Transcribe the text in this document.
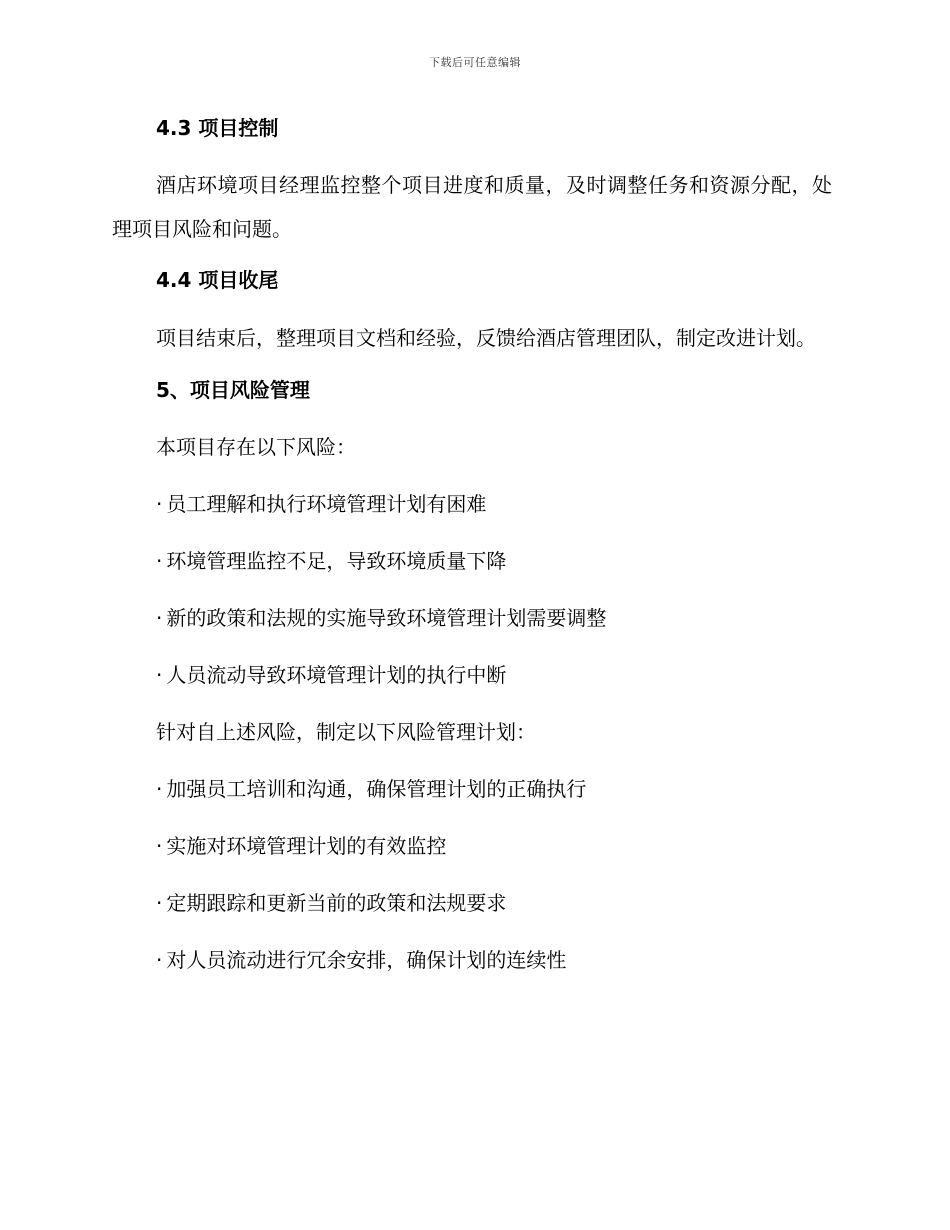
下载后可任意编辑
4.3 项目控制

酒店环境项目经理监控整个项目进度和质量，及时调整任务和资源分配，处理项目风险和问题。

4.4 项目收尾

项目结束后，整理项目文档和经验，反馈给酒店管理团队，制定改进计划。

5、项目风险管理

本项目存在以下风险：

· 员工理解和执行环境管理计划有困难

· 环境管理监控不足，导致环境质量下降

· 新的政策和法规的实施导致环境管理计划需要调整

· 人员流动导致环境管理计划的执行中断

针对自上述风险，制定以下风险管理计划：

· 加强员工培训和沟通，确保管理计划的正确执行

· 实施对环境管理计划的有效监控

· 定期跟踪和更新当前的政策和法规要求

· 对人员流动进行冗余安排，确保计划的连续性
